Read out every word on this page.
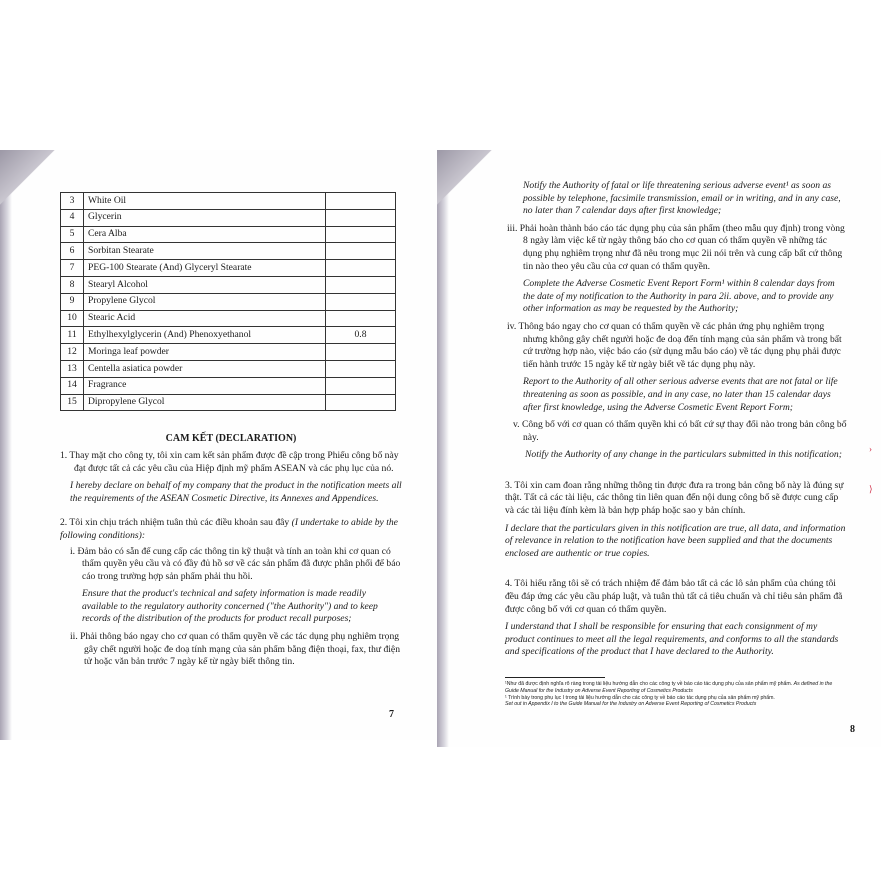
3	White Oil	
4	Glycerin	
5	Cera Alba	
6	Sorbitan Stearate	
7	PEG-100 Stearate (And) Glyceryl Stearate	
8	Stearyl Alcohol	
9	Propylene Glycol	
10	Stearic Acid	
11	Ethylhexylglycerin (And) Phenoxyethanol	0.8
12	Moringa leaf powder	
13	Centella asiatica powder	
14	Fragrance	
15	Dipropylene Glycol	
CAM KẾT (DECLARATION)

1. Thay mặt cho công ty, tôi xin cam kết sản phẩm được đề cập trong Phiếu công bố này đạt được tất cả các yêu cầu của Hiệp định mỹ phẩm ASEAN và các phụ lục của nó.

I hereby declare on behalf of my company that the product in the notification meets all the requirements of the ASEAN Cosmetic Directive, its Annexes and Appendices.

2. Tôi xin chịu trách nhiệm tuân thủ các điều khoản sau đây (I undertake to abide by the following conditions):

i. Đảm bảo có sẵn để cung cấp các thông tin kỹ thuật và tính an toàn khi cơ quan có thẩm quyền yêu cầu và có đầy đủ hồ sơ về các sản phẩm đã được phân phối để báo cáo trong trường hợp sản phẩm phải thu hồi.

Ensure that the product's technical and safety information is made readily available to the regulatory authority concerned ("the Authority") and to keep records of the distribution of the products for product recall purposes;

ii. Phải thông báo ngay cho cơ quan có thẩm quyền về các tác dụng phụ nghiêm trọng gây chết người hoặc đe doạ tính mạng của sản phẩm bằng điện thoại, fax, thư điện tử hoặc văn bản trước 7 ngày kể từ ngày biết thông tin.

7

Notify the Authority of fatal or life threatening serious adverse event¹ as soon as possible by telephone, facsimile transmission, email or in writing, and in any case, no later than 7 calendar days after first knowledge;

iii. Phải hoàn thành báo cáo tác dụng phụ của sản phẩm (theo mẫu quy định) trong vòng 8 ngày làm việc kể từ ngày thông báo cho cơ quan có thẩm quyền về những tác dụng phụ nghiêm trọng như đã nêu trong mục 2ii nói trên và cung cấp bất cứ thông tin nào theo yêu cầu của cơ quan có thẩm quyền.

Complete the Adverse Cosmetic Event Report Form¹ within 8 calendar days from the date of my notification to the Authority in para 2ii. above, and to provide any other information as may be requested by the Authority;

iv. Thông báo ngay cho cơ quan có thẩm quyền về các phản ứng phụ nghiêm trọng nhưng không gây chết người hoặc đe doạ đến tính mạng của sản phẩm và trong bất cứ trường hợp nào, việc báo cáo (sử dụng mẫu báo cáo) về tác dụng phụ phải được tiến hành trước 15 ngày kể từ ngày biết về tác dụng phụ này.

Report to the Authority of all other serious adverse events that are not fatal or life threatening as soon as possible, and in any case, no later than 15 calendar days after first knowledge, using the Adverse Cosmetic Event Report Form;

v. Công bố với cơ quan có thẩm quyền khi có bất cứ sự thay đổi nào trong bản công bố này.

Notify the Authority of any change in the particulars submitted in this notification;

3. Tôi xin cam đoan rằng những thông tin được đưa ra trong bản công bố này là đúng sự thật. Tất cả các tài liệu, các thông tin liên quan đến nội dung công bố sẽ được cung cấp và các tài liệu đính kèm là bản hợp pháp hoặc sao y bản chính.

I declare that the particulars given in this notification are true, all data, and information of relevance in relation to the notification have been supplied and that the documents enclosed are authentic or true copies.

4. Tôi hiểu rằng tôi sẽ có trách nhiệm để đảm bảo tất cả các lô sản phẩm của chúng tôi đều đáp ứng các yêu cầu pháp luật, và tuân thủ tất cả tiêu chuẩn và chỉ tiêu sản phẩm đã được công bố với cơ quan có thẩm quyền.

I understand that I shall be responsible for ensuring that each consignment of my product continues to meet all the legal requirements, and conforms to all the standards and specifications of the product that I have declared to the Authority.

¹Như đã được định nghĩa rõ ràng trong tài liệu hướng dẫn cho các công ty về báo cáo tác dụng phụ của sản phẩm mỹ phẩm. As defined in the Guide Manual for the Industry on Adverse Event Reporting of Cosmetics Products
¹ Trình bày trong phụ lục I trong tài liệu hướng dẫn cho các công ty về báo cáo tác dụng phụ của sản phẩm mỹ phẩm.
Set out in Appendix I to the Guide Manual for the Industry on Adverse Event Reporting of Cosmetics Products
8
›
⟩
